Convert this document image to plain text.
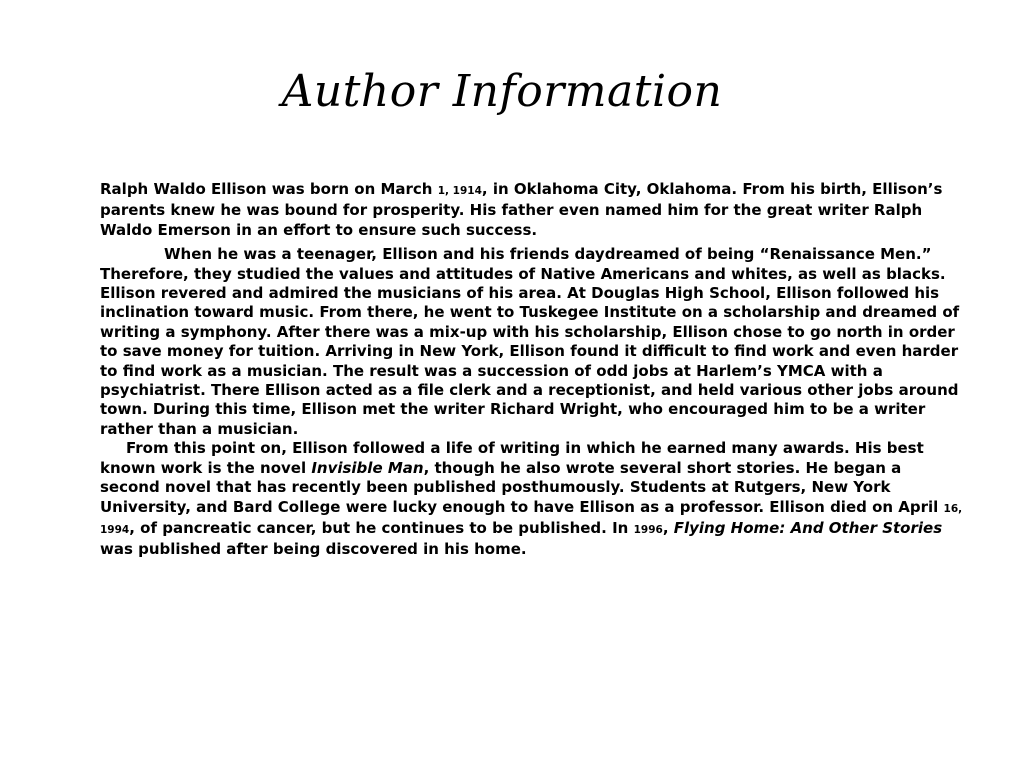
Author Information

Ralph Waldo Ellison was born on March 1, 1914, in Oklahoma City, Oklahoma. From his birth, Ellison’s parents knew he was bound for prosperity. His father even named him for the great writer Ralph Waldo Emerson in an effort to ensure such success.

When he was a teenager, Ellison and his friends daydreamed of being “Renaissance Men.” Therefore, they studied the values and attitudes of Native Americans and whites, as well as blacks. Ellison revered and admired the musicians of his area. At Douglas High School, Ellison followed his inclination toward music. From there, he went to Tuskegee Institute on a scholarship and dreamed of writing a symphony. After there was a mix-up with his scholarship, Ellison chose to go north in order to save money for tuition. Arriving in New York, Ellison found it difficult to find work and even harder to find work as a musician. The result was a succession of odd jobs at Harlem’s YMCA with a psychiatrist. There Ellison acted as a file clerk and a receptionist, and held various other jobs around town. During this time, Ellison met the writer Richard Wright, who encouraged him to be a writer rather than a musician.

From this point on, Ellison followed a life of writing in which he earned many awards. His best known work is the novel Invisible Man, though he also wrote several short stories. He began a second novel that has recently been published posthumously. Students at Rutgers, New York University, and Bard College were lucky enough to have Ellison as a professor. Ellison died on April 16, 1994, of pancreatic cancer, but he continues to be published. In 1996, Flying Home: And Other Stories was published after being discovered in his home.
